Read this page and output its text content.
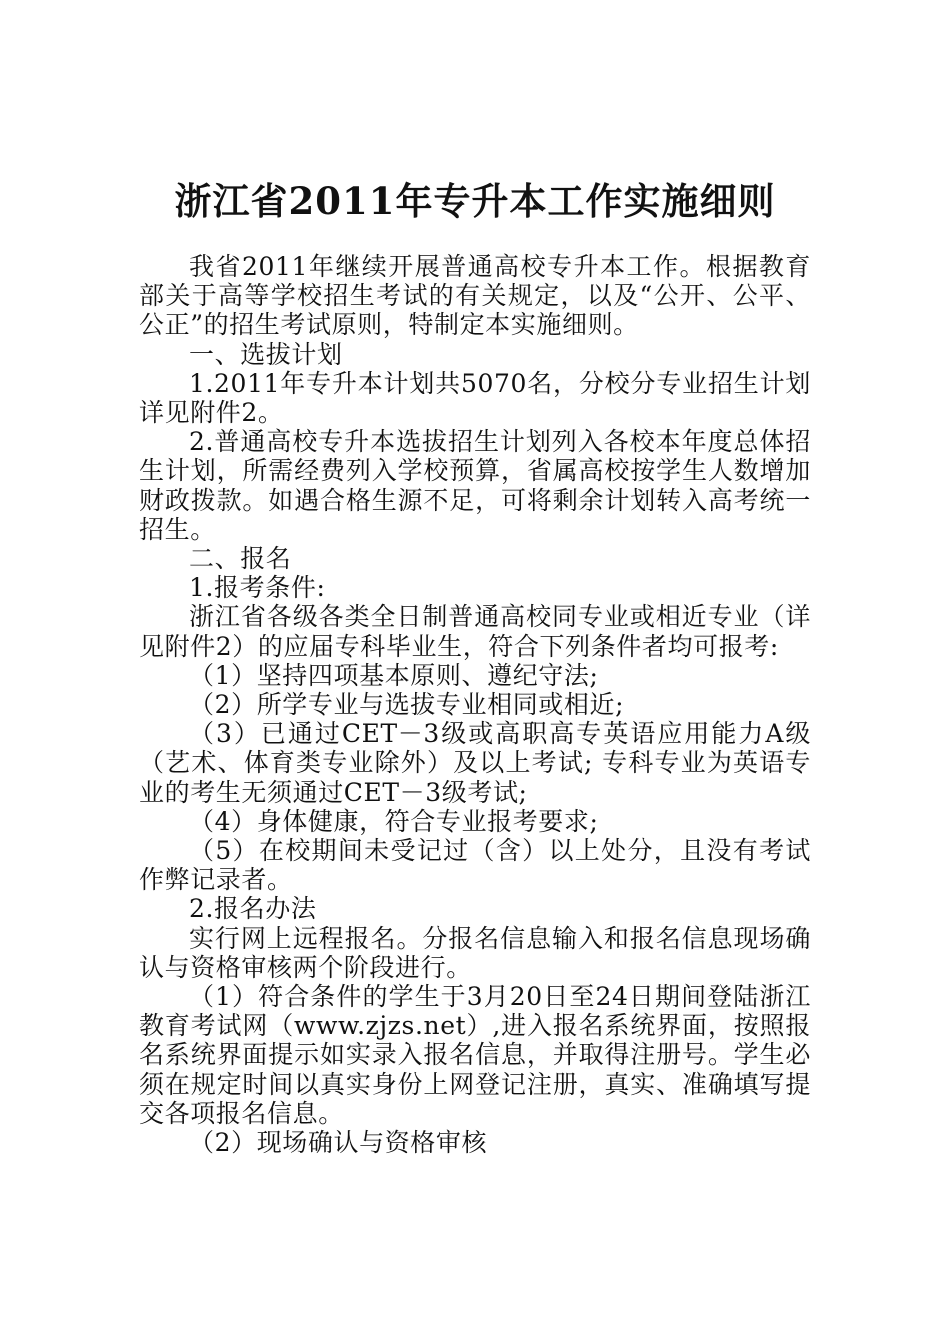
浙江省2011年专升本工作实施细则

我省2011年继续开展普通高校专升本工作。根据教育部关于高等学校招生考试的有关规定，以及“公开、公平、公正”的招生考试原则，特制定本实施细则。

一、选拔计划

1.2011年专升本计划共5070名，分校分专业招生计划详见附件2。

2.普通高校专升本选拔招生计划列入各校本年度总体招生计划，所需经费列入学校预算，省属高校按学生人数增加财政拨款。如遇合格生源不足，可将剩余计划转入高考统一招生。

二、报名

1.报考条件:

浙江省各级各类全日制普通高校同专业或相近专业（详见附件2）的应届专科毕业生，符合下列条件者均可报考:

（1）坚持四项基本原则、遵纪守法;

（2）所学专业与选拔专业相同或相近;

（3）已通过CET－3级或高职高专英语应用能力A级（艺术、体育类专业除外）及以上考试; 专科专业为英语专业的考生无须通过CET－3级考试;

（4）身体健康，符合专业报考要求;

（5）在校期间未受记过（含）以上处分，且没有考试作弊记录者。

2.报名办法

实行网上远程报名。分报名信息输入和报名信息现场确认与资格审核两个阶段进行。

（1）符合条件的学生于3月20日至24日期间登陆浙江教育考试网（www.zjzs.net）,进入报名系统界面，按照报名系统界面提示如实录入报名信息，并取得注册号。学生必须在规定时间以真实身份上网登记注册，真实、准确填写提交各项报名信息。

（2）现场确认与资格审核
